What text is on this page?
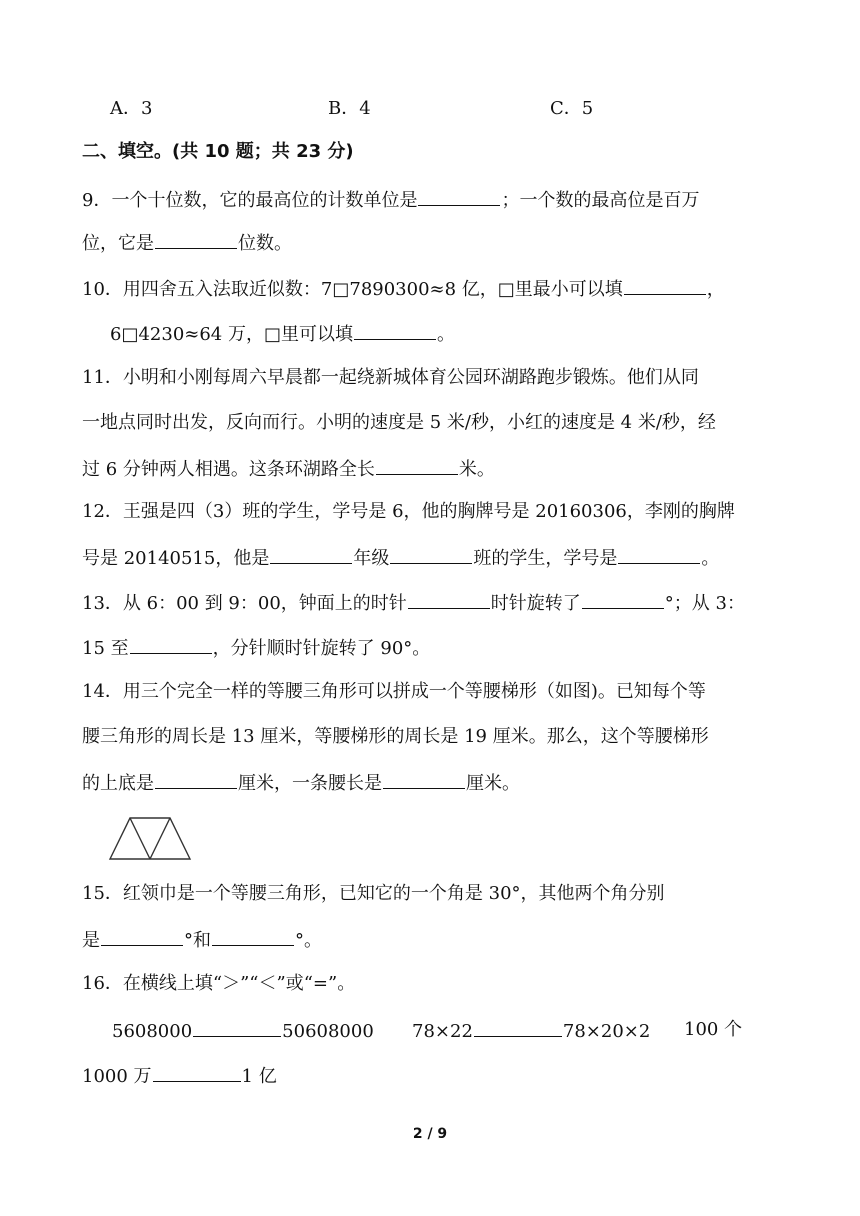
A．3	B．4	C．5
二、填空。(共 10 题；共 23 分)
9．一个十位数，它的最高位的计数单位是	；一个数的最高位是百万
位，它是	位数。
10．用四舍五入法取近似数：7□7890300≈8 亿，□里最小可以填	，
6□4230≈64 万，□里可以填	。
11．小明和小刚每周六早晨都一起绕新城体育公园环湖路跑步锻炼。他们从同
一地点同时出发，反向而行。小明的速度是 5 米/秒，小红的速度是 4 米/秒，经
过 6 分钟两人相遇。这条环湖路全长	米。
12．王强是四（3）班的学生，学号是 6，他的胸牌号是 20160306，李刚的胸牌
号是 20140515，他是	年级	班的学生，学号是	。
13．从 6：00 到 9：00，钟面上的时针	时针旋转了	°；从 3：
15 至	，分针顺时针旋转了 90°。
14．用三个完全一样的等腰三角形可以拼成一个等腰梯形（如图)。已知每个等
腰三角形的周长是 13 厘米，等腰梯形的周长是 19 厘米。那么，这个等腰梯形
的上底是	厘米，一条腰长是	厘米。
15．红领巾是一个等腰三角形，已知它的一个角是 30°，其他两个角分别
是	°和	°。
16．在横线上填“＞”“＜”或“=”。
5608000	50608000 78×22	78×20×2 100 个
1000 万	1 亿
2 / 9
